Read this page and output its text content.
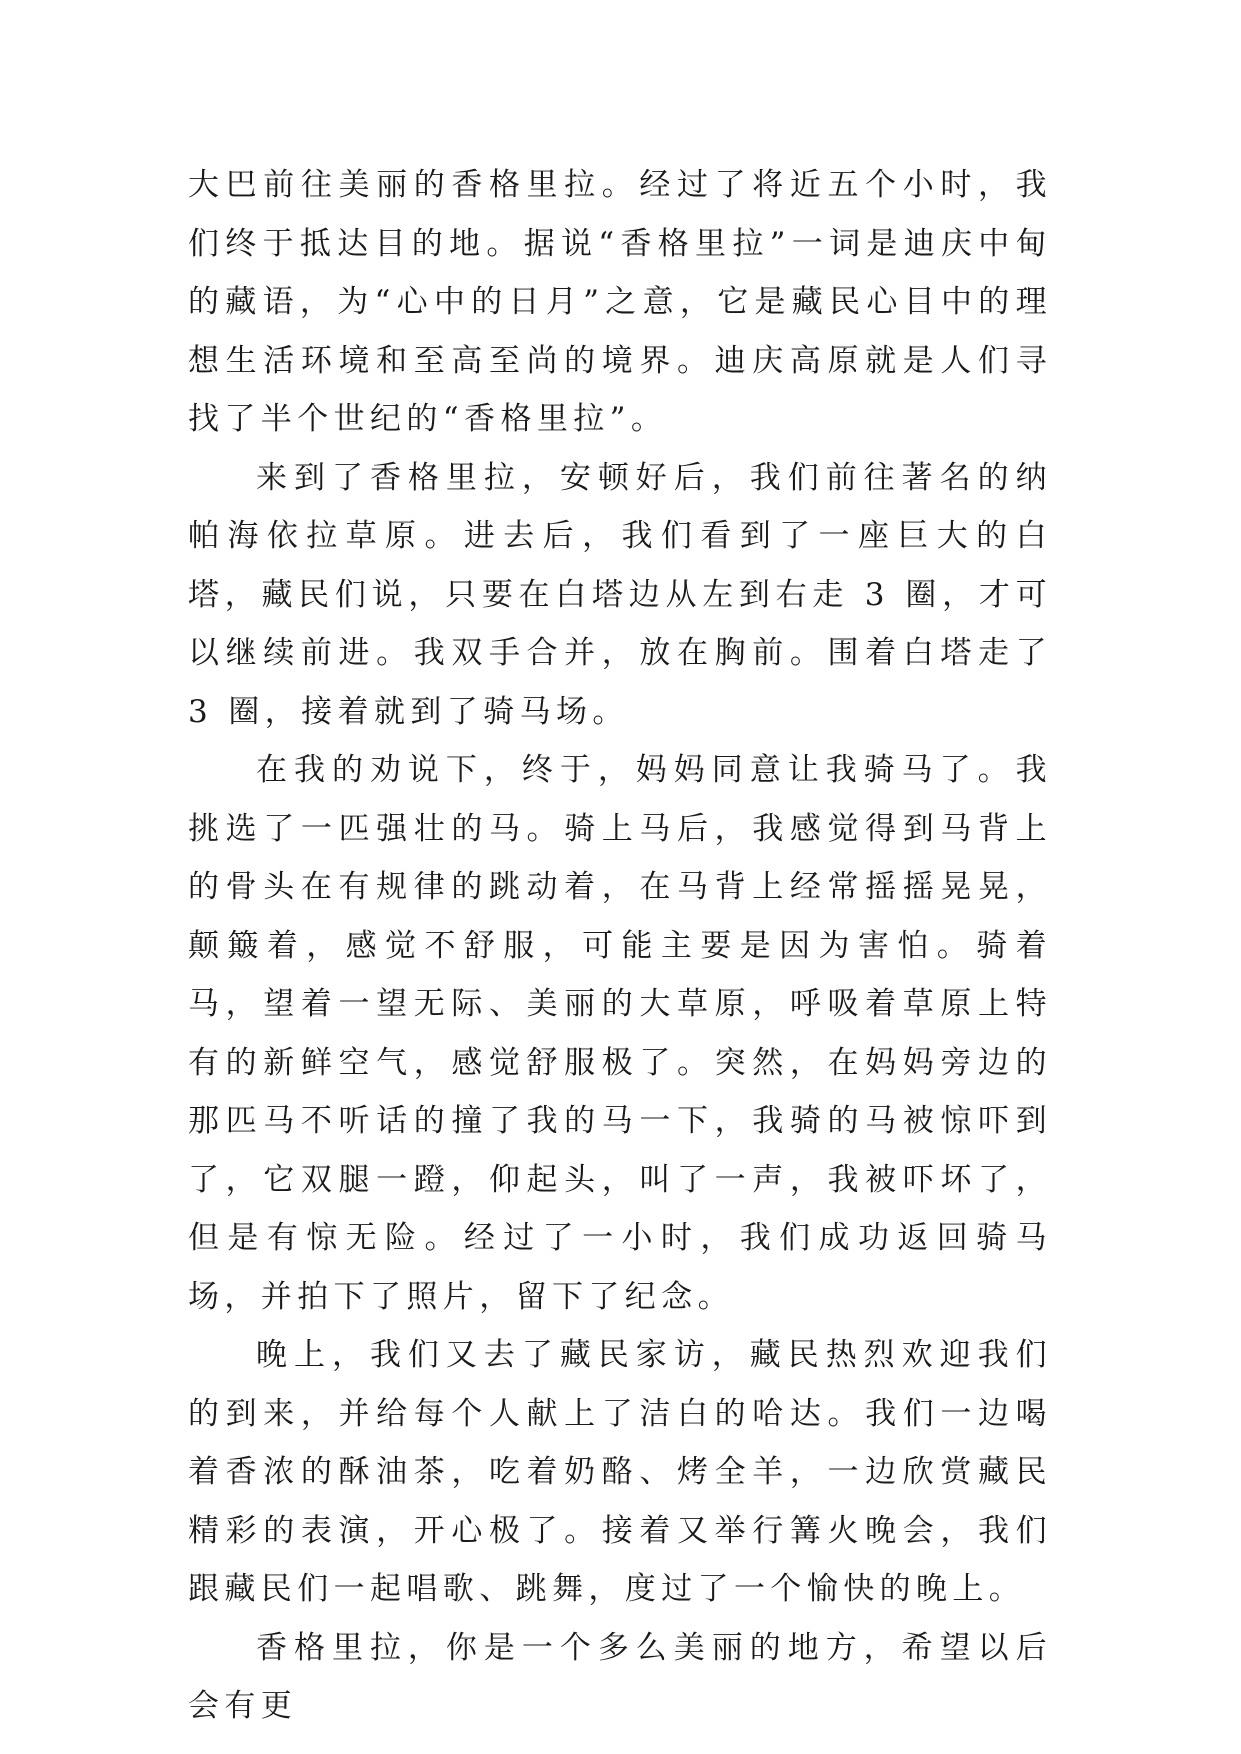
大巴前往美丽的香格里拉。经过了将近五个小时，我们终于抵达目的地。据说“香格里拉”一词是迪庆中甸的藏语，为“心中的日月”之意，它是藏民心目中的理想生活环境和至高至尚的境界。迪庆高原就是人们寻找了半个世纪的“香格里拉”。

来到了香格里拉，安顿好后，我们前往著名的纳帕海依拉草原。进去后，我们看到了一座巨大的白塔，藏民们说，只要在白塔边从左到右走 3 圈，才可以继续前进。我双手合并，放在胸前。围着白塔走了 3 圈，接着就到了骑马场。

在我的劝说下，终于，妈妈同意让我骑马了。我挑选了一匹强壮的马。骑上马后，我感觉得到马背上的骨头在有规律的跳动着，在马背上经常摇摇晃晃，颠簸着，感觉不舒服，可能主要是因为害怕。骑着马，望着一望无际、美丽的大草原，呼吸着草原上特有的新鲜空气，感觉舒服极了。突然，在妈妈旁边的那匹马不听话的撞了我的马一下，我骑的马被惊吓到了，它双腿一蹬，仰起头，叫了一声，我被吓坏了，但是有惊无险。经过了一小时，我们成功返回骑马场，并拍下了照片，留下了纪念。

晚上，我们又去了藏民家访，藏民热烈欢迎我们的到来，并给每个人献上了洁白的哈达。我们一边喝着香浓的酥油茶，吃着奶酪、烤全羊，一边欣赏藏民精彩的表演，开心极了。接着又举行篝火晚会，我们跟藏民们一起唱歌、跳舞，度过了一个愉快的晚上。

香格里拉，你是一个多么美丽的地方，希望以后会有更
